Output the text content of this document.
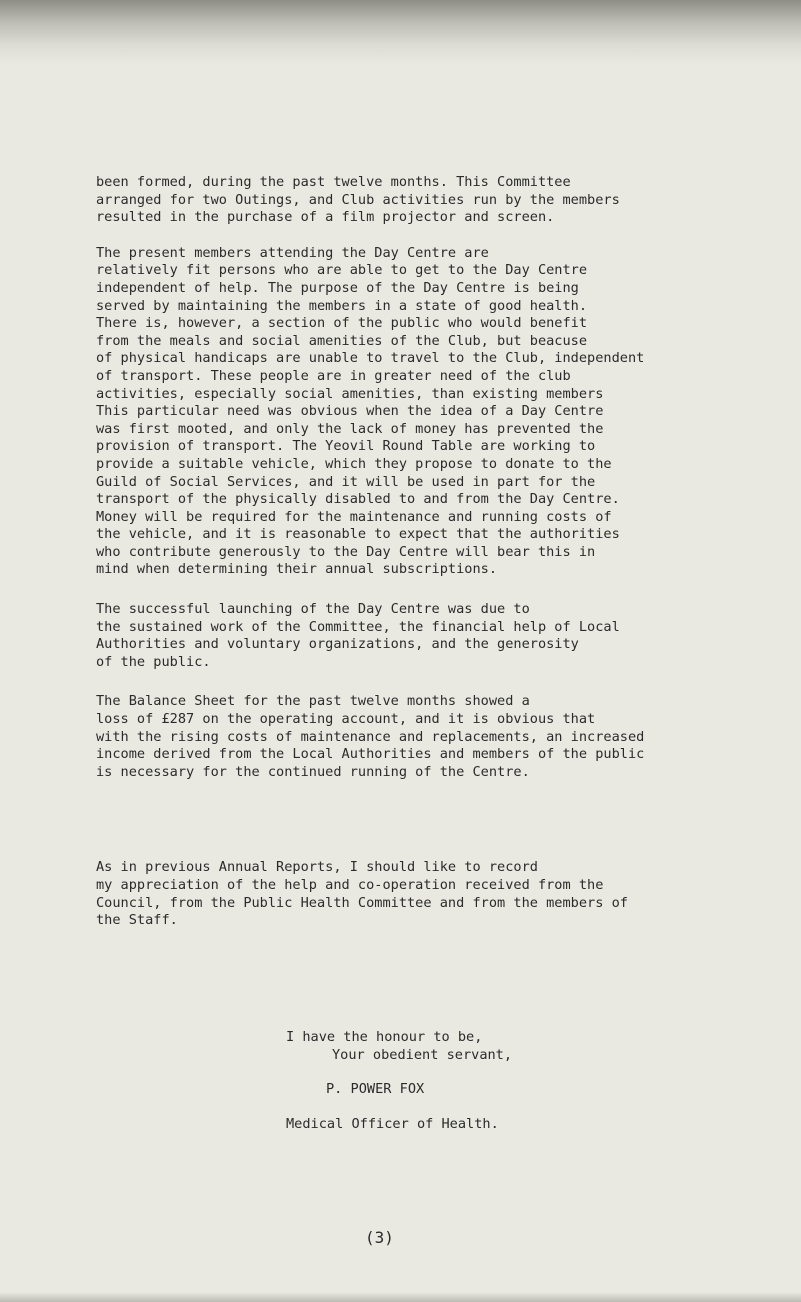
been formed, during the past twelve months. This Committee
arranged for two Outings, and Club activities run by the members
resulted in the purchase of a film projector and screen.

The present members attending the Day Centre are
relatively fit persons who are able to get to the Day Centre
independent of help. The purpose of the Day Centre is being
served by maintaining the members in a state of good health.
There is, however, a section of the public who would benefit
from the meals and social amenities of the Club, but beacuse
of physical handicaps are unable to travel to the Club, independent
of transport. These people are in greater need of the club
activities, especially social amenities, than existing members
This particular need was obvious when the idea of a Day Centre
was first mooted, and only the lack of money has prevented the
provision of transport. The Yeovil Round Table are working to
provide a suitable vehicle, which they propose to donate to the
Guild of Social Services, and it will be used in part for the
transport of the physically disabled to and from the Day Centre.
Money will be required for the maintenance and running costs of
the vehicle, and it is reasonable to expect that the authorities
who contribute generously to the Day Centre will bear this in
mind when determining their annual subscriptions.

The successful launching of the Day Centre was due to
the sustained work of the Committee, the financial help of Local
Authorities and voluntary organizations, and the generosity
of the public.

The Balance Sheet for the past twelve months showed a
loss of £287 on the operating account, and it is obvious that
with the rising costs of maintenance and replacements, an increased
income derived from the Local Authorities and members of the public
is necessary for the continued running of the Centre.

As in previous Annual Reports, I should like to record
my appreciation of the help and co-operation received from the
Council, from the Public Health Committee and from the members of
the Staff.

I have the honour to be,
Your obedient servant,
P. POWER FOX
Medical Officer of Health.
(3)
